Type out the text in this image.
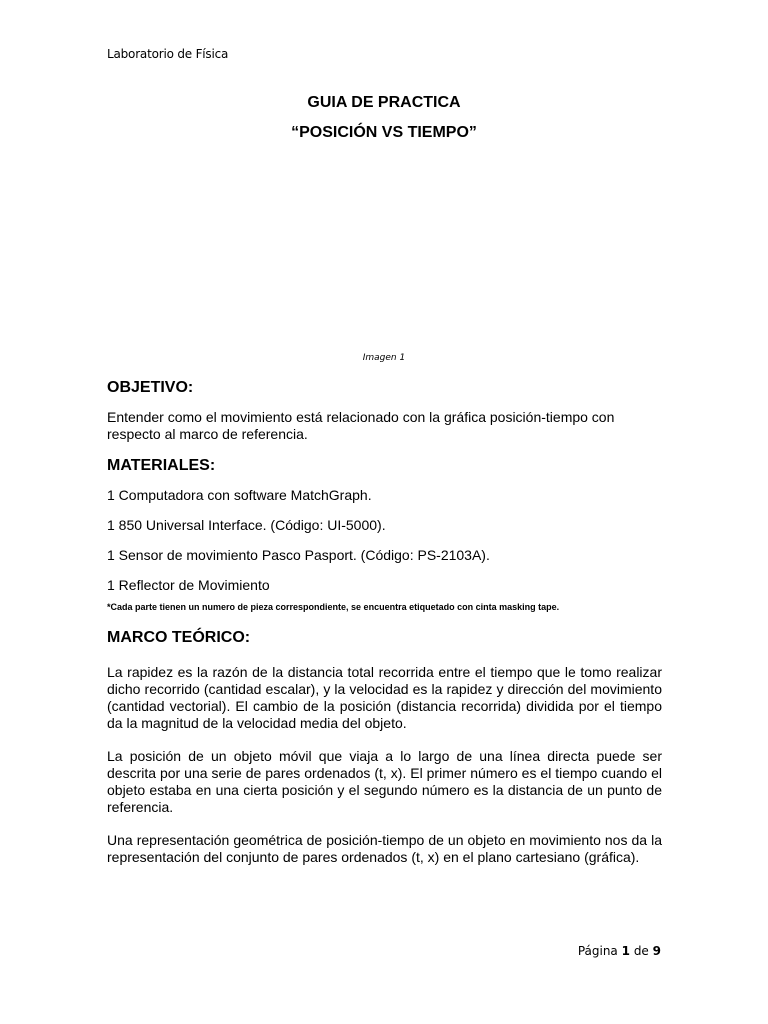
Laboratorio de Física
GUIA DE PRACTICA
“POSICIÓN VS TIEMPO”
Imagen 1
OBJETIVO:

Entender como el movimiento está relacionado con la gráfica posición-tiempo con respecto al marco de referencia.

MATERIALES:

1 Computadora con software MatchGraph.

1 850 Universal Interface. (Código: UI-5000).

1 Sensor de movimiento Pasco Pasport. (Código: PS-2103A).

1 Reflector de Movimiento

*Cada parte tienen un numero de pieza correspondiente, se encuentra etiquetado con cinta masking tape.

MARCO TEÓRICO:

La rapidez es la razón de la distancia total recorrida entre el tiempo que le tomo realizar dicho recorrido (cantidad escalar), y la velocidad es la rapidez y dirección del movimiento (cantidad vectorial). El cambio de la posición (distancia recorrida) dividida por el tiempo da la magnitud de la velocidad media del objeto.

La posición de un objeto móvil que viaja a lo largo de una línea directa puede ser descrita por una serie de pares ordenados (t, x). El primer número es el tiempo cuando el objeto estaba en una cierta posición y el segundo número es la distancia de un punto de referencia.

Una representación geométrica de posición-tiempo de un objeto en movimiento nos da la representación del conjunto de pares ordenados (t, x) en el plano cartesiano (gráfica).

Página 1 de 9
